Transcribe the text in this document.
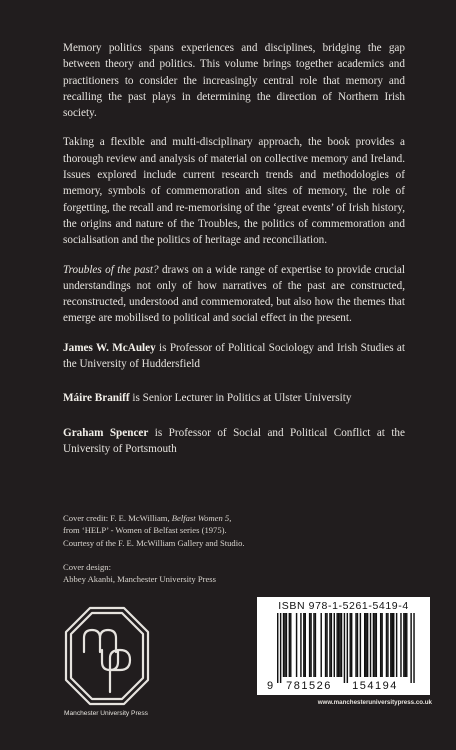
Memory politics spans experiences and disciplines, bridging the gap between theory and politics. This volume brings together academics and practitioners to consider the increasingly central role that memory and recalling the past plays in determining the direction of Northern Irish society.

Taking a flexible and multi-disciplinary approach, the book provides a thorough review and analysis of material on collective memory and Ireland. Issues explored include current research trends and methodologies of memory, symbols of commemoration and sites of memory, the role of forgetting, the recall and re-memorising of the ‘great events’ of Irish history, the origins and nature of the Troubles, the politics of commemoration and socialisation and the politics of heritage and reconciliation.

Troubles of the past? draws on a wide range of expertise to provide crucial understandings not only of how narratives of the past are constructed, reconstructed, understood and commemorated, but also how the themes that emerge are mobilised to political and social effect in the present.

James W. McAuley is Professor of Political Sociology and Irish Studies at the University of Huddersfield

Máire Braniff is Senior Lecturer in Politics at Ulster University

Graham Spencer is Professor of Social and Political Conflict at the University of Portsmouth

Cover credit: F. E. McWilliam, Belfast Women 5,
from ‘HELP’ - Women of Belfast series (1975).
Courtesy of the F. E. McWilliam Gallery and Studio.

Cover design:
Abbey Akanbi, Manchester University Press

Manchester University Press
ISBN 978-1-5261-5419-4
9 781526 154194
www.manchesteruniversitypress.co.uk
